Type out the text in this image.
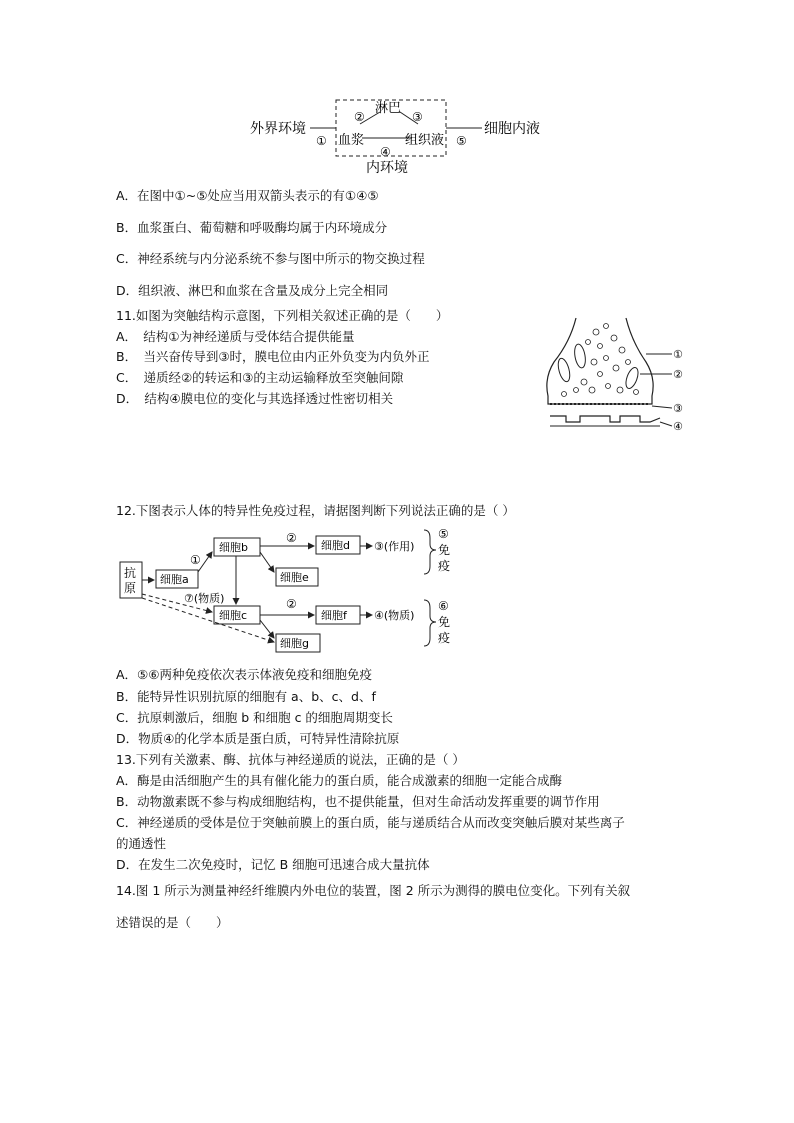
外界环境
①
②
淋巴
③
血浆	组织液
④
⑤
细胞内液
内环境
A．在图中①~⑤处应当用双箭头表示的有①④⑤
B．血浆蛋白、葡萄糖和呼吸酶均属于内环境成分
C．神经系统与内分泌系统不参与图中所示的物交换过程
D．组织液、淋巴和血浆在含量及成分上完全相同
11.如图为突触结构示意图，下列相关叙述正确的是（　　）
A．　结构①为神经递质与受体结合提供能量
B．　当兴奋传导到③时，膜电位由内正外负变为内负外正
C．　递质经②的转运和③的主动运输释放至突触间隙
D．　结构④膜电位的变化与其选择透过性密切相关
①
②
③
④
12.下图表示人体的特异性免疫过程，请据图判断下列说法正确的是（ ）
抗
原
细胞a
细胞b	细胞d
细胞e
细胞c	细胞f
细胞g
①
②
③(作用)
⑦(物质)	②
④(物质)
⑤
免
疫
⑥
免
疫
A．⑤⑥两种免疫依次表示体液免疫和细胞免疫
B．能特异性识别抗原的细胞有 a、b、c、d、f
C．抗原刺激后，细胞 b 和细胞 c 的细胞周期变长
D．物质④的化学本质是蛋白质，可特异性清除抗原
13.下列有关激素、酶、抗体与神经递质的说法，正确的是（ ）
A．酶是由活细胞产生的具有催化能力的蛋白质，能合成激素的细胞一定能合成酶
B．动物激素既不参与构成细胞结构，也不提供能量，但对生命活动发挥重要的调节作用
C．神经递质的受体是位于突触前膜上的蛋白质，能与递质结合从而改变突触后膜对某些离子
的通透性
D．在发生二次免疫时，记忆 B 细胞可迅速合成大量抗体
14.图 1 所示为测量神经纤维膜内外电位的装置，图 2 所示为测得的膜电位变化。下列有关叙
述错误的是（　　）
